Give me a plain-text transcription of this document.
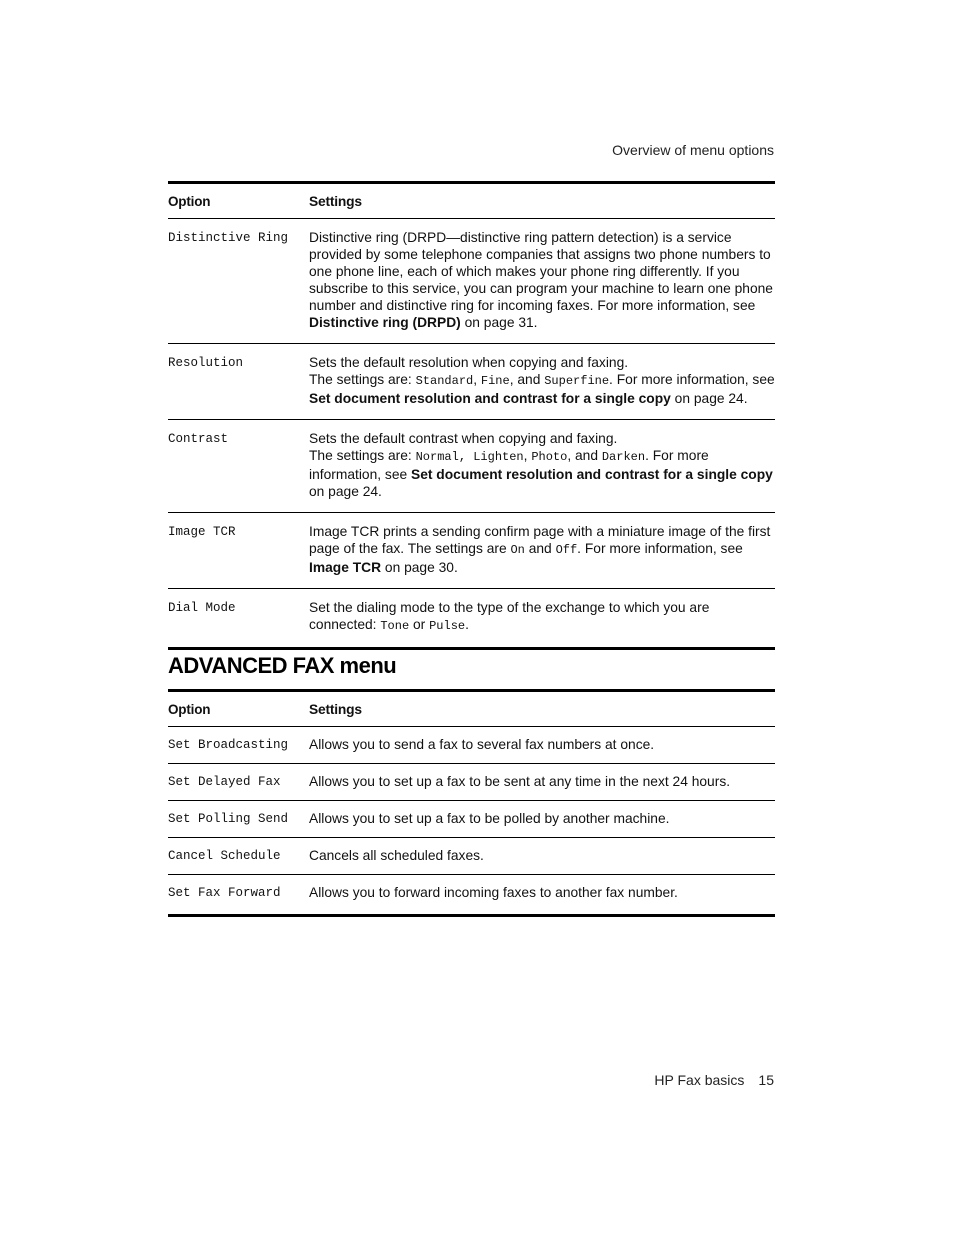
Overview of menu options
Option	Settings
Distinctive Ring	Distinctive ring (DRPD—distinctive ring pattern detection) is a service provided by some telephone companies that assigns two phone numbers to one phone line, each of which makes your phone ring differently. If you subscribe to this service, you can program your machine to learn one phone number and distinctive ring for incoming faxes. For more information, see Distinctive ring (DRPD) on page 31.
Resolution	Sets the default resolution when copying and faxing.
The settings are: Standard, Fine, and Superfine. For more information, see Set document resolution and contrast for a single copy on page 24.
Contrast	Sets the default contrast when copying and faxing.
The settings are: Normal, Lighten, Photo, and Darken. For more information, see Set document resolution and contrast for a single copy on page 24.
Image TCR	Image TCR prints a sending confirm page with a miniature image of the first page of the fax. The settings are On and Off. For more information, see Image TCR on page 30.
Dial Mode	Set the dialing mode to the type of the exchange to which you are connected: Tone or Pulse.
ADVANCED FAX menu
Option	Settings
Set Broadcasting	Allows you to send a fax to several fax numbers at once.
Set Delayed Fax	Allows you to set up a fax to be sent at any time in the next 24 hours.
Set Polling Send	Allows you to set up a fax to be polled by another machine.
Cancel Schedule	Cancels all scheduled faxes.
Set Fax Forward	Allows you to forward incoming faxes to another fax number.
HP Fax basics 15
